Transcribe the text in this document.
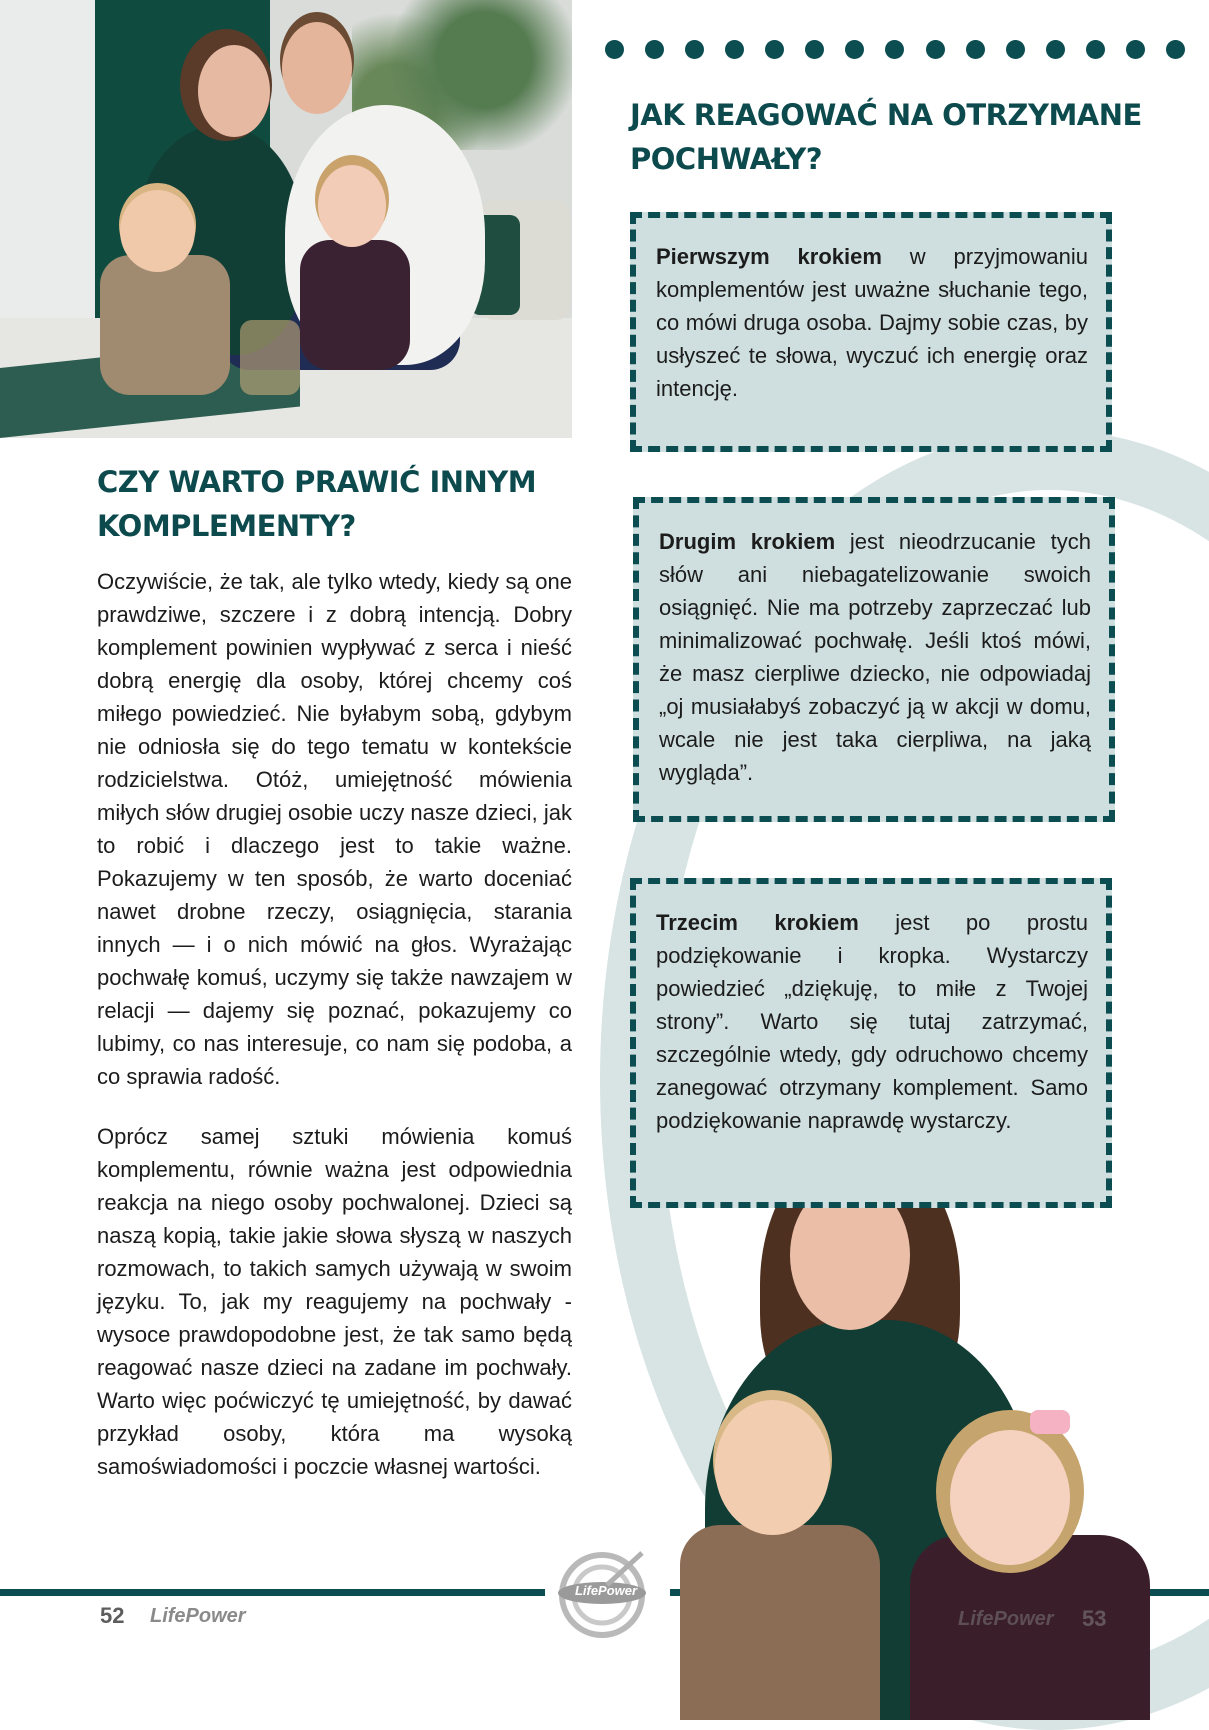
JAK REAGOWAĆ NA OTRZYMANE POCHWAŁY?
Pierwszym krokiem w przyjmowaniu komplementów jest uważne słuchanie tego, co mówi druga osoba. Dajmy sobie czas, by usłyszeć te słowa, wyczuć ich energię oraz intencję.
CZY WARTO PRAWIĆ INNYM KOMPLEMENTY?	Drugim krokiem jest nieodrzucanie tych słów ani niebagatelizowanie swoich osiągnięć. Nie ma potrzeby zaprzeczać lub minimalizować pochwałę. Jeśli ktoś mówi, że masz cierpliwe dziecko, nie odpowiadaj „oj musiałabyś zobaczyć ją w akcji w domu, wcale nie jest taka cierpliwa, na jaką wygląda”.

Oczywiście, że tak, ale tylko wtedy, kiedy są one prawdziwe, szczere i z dobrą intencją. Dobry komplement powinien wypływać z serca i nieść dobrą energię dla osoby, której chcemy coś miłego powiedzieć. Nie byłabym sobą, gdybym nie odniosła się do tego tematu w kontekście rodzicielstwa. Otóż, umiejętność mówienia miłych słów drugiej osobie uczy nasze dzieci, jak to robić i dlaczego jest to takie ważne. Pokazujemy w ten sposób, że warto doceniać nawet drobne rzeczy, osiągnięcia, starania innych — i o nich mówić na głos. Wyrażając pochwałę komuś, uczymy się także nawzajem w relacji — dajemy się poznać, pokazujemy co lubimy, co nas interesuje, co nam się podoba, a co sprawia radość.

Oprócz samej sztuki mówienia komuś komplementu, równie ważna jest odpowiednia reakcja na niego osoby pochwalonej. Dzieci są naszą kopią, takie jakie słowa słyszą w naszych rozmowach, to takich samych używają w swoim języku. To, jak my reagujemy na pochwały - wysoce prawdopodobne jest, że tak samo będą reagować nasze dzieci na zadane im pochwały. Warto więc poćwiczyć tę umiejętność, by dawać przykład osoby, która ma wysoką samoświadomości i poczcie własnej wartości.

Trzecim krokiem jest po prostu podziękowanie i kropka. Wystarczy powiedzieć „dziękuję, to miłe z Twojej strony”. Warto się tutaj zatrzymać, szczególnie wtedy, gdy odruchowo chcemy zanegować otrzymany komplement. Samo podziękowanie naprawdę wystarczy.
LifePower
52 LifePower	LifePower 53
